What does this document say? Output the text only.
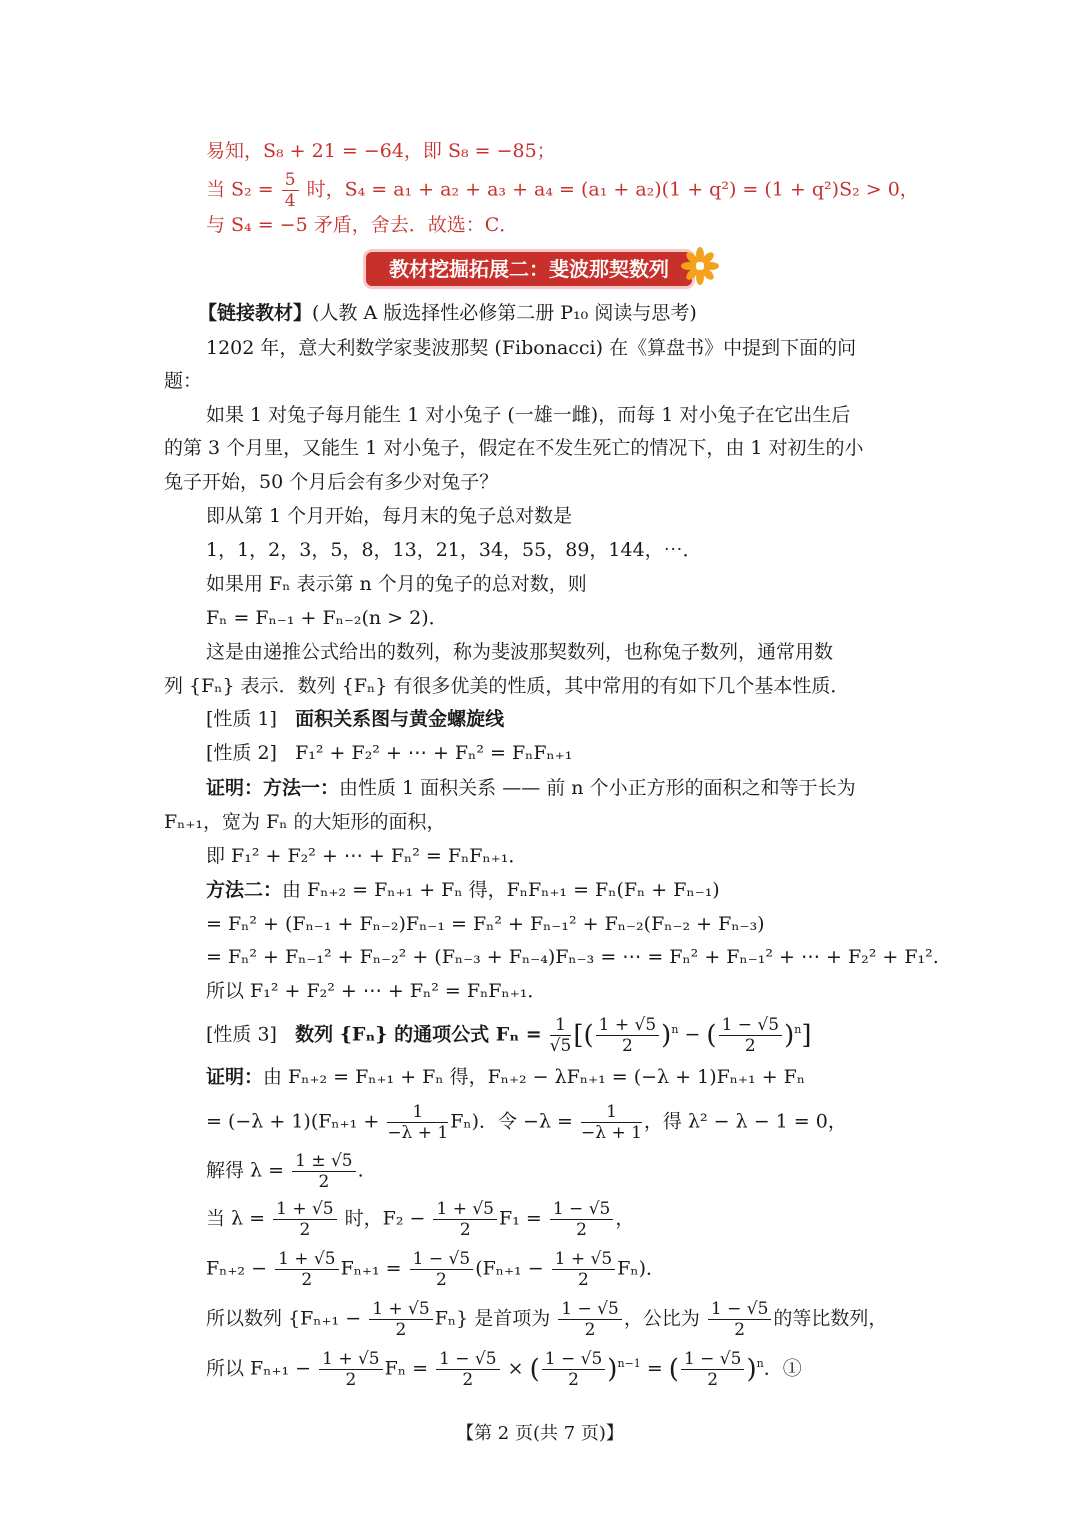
易知，S₈ + 21 = −64，即 S₈ = −85；
当 $S_2 = \frac{5}{4}$ 时，S₄ = a₁ + a₂ + a₃ + a₄ = (a₁ + a₂)(1 + q²) = (1 + q²)S₂ > 0，
与 S₄ = −5 矛盾，舍去．故选：C．
教材挖掘拓展二：斐波那契数列
【链接教材】(人教 A 版选择性必修第二册 P₁₀ 阅读与思考)
1202 年，意大利数学家斐波那契 (Fibonacci) 在《算盘书》中提到下面的问
题：
如果 1 对兔子每月能生 1 对小兔子 (一雄一雌)，而每 1 对小兔子在它出生后
的第 3 个月里，又能生 1 对小兔子，假定在不发生死亡的情况下，由 1 对初生的小
兔子开始，50 个月后会有多少对兔子？
即从第 1 个月开始，每月末的兔子总对数是
1，1，2，3，5，8，13，21，34，55，89，144，⋯．
如果用 Fₙ 表示第 n 个月的兔子的总对数，则
Fₙ = Fₙ₋₁ + Fₙ₋₂(n > 2)．
这是由递推公式给出的数列，称为斐波那契数列，也称兔子数列，通常用数
列 {Fₙ} 表示．数列 {Fₙ} 有很多优美的性质，其中常用的有如下几个基本性质．
[性质 1] 面积关系图与黄金螺旋线
[性质 2] F₁² + F₂² + ⋯ + Fₙ² = FₙFₙ₊₁
证明：方法一：由性质 1 面积关系 —— 前 n 个小正方形的面积之和等于长为
Fₙ₊₁，宽为 Fₙ 的大矩形的面积，
即 F₁² + F₂² + ⋯ + Fₙ² = FₙFₙ₊₁．
方法二：由 Fₙ₊₂ = Fₙ₊₁ + Fₙ 得，FₙFₙ₊₁ = Fₙ(Fₙ + Fₙ₋₁)
= Fₙ² + (Fₙ₋₁ + Fₙ₋₂)Fₙ₋₁ = Fₙ² + Fₙ₋₁² + Fₙ₋₂(Fₙ₋₂ + Fₙ₋₃)
= Fₙ² + Fₙ₋₁² + Fₙ₋₂² + (Fₙ₋₃ + Fₙ₋₄)Fₙ₋₃ = ⋯ = Fₙ² + Fₙ₋₁² + ⋯ + F₂² + F₁².
所以 F₁² + F₂² + ⋯ + Fₙ² = FₙFₙ₊₁．
[性质 3] 数列 {Fₙ} 的通项公式 $F_n = \frac{1}{√5}$ [( $\frac{1 + √5}{2} )^n$ − ( $\frac{1 - √5}{2} )^n$]
证明：由 Fₙ₊₂ = Fₙ₊₁ + Fₙ 得，Fₙ₊₂ − λFₙ₊₁ = (−λ + 1)Fₙ₊₁ + Fₙ
= $(-\lambda + 1)(F_{n+1} + \frac{1}{-\lambda + 1} F_n)$．令 $-\lambda = \frac{1}{-\lambda + 1}$ ，得 λ² − λ − 1 = 0，
解得 $\lambda = \frac{1 \pm √5}{2}$ .
当 $\lambda = \frac{1 + √5}{2}$ 时，$F_2 - \frac{1 + √5}{2} F_1 = \frac{1 - √5}{2}$ ，
$F_{n+2} - \frac{1 + √5}{2} F_{n+1} = \frac{1 - √5}{2} (F_{n+1} - \frac{1 + √5}{2} F_n)$．
所以数列 $\{F_{n+1} - \frac{1 + √5}{2} F_n\}$ 是首项为 $\frac{1 - √5}{2}$ ，公比为 $\frac{1 - √5}{2}$ 的等比数列，
所以 $F_{n+1} - \frac{1 + √5}{2}$ $F_n = \frac{1 - √5}{2}$ × ( $\frac{1 - √5}{2} )^{n-1}$ = ( $\frac{1 - √5}{2} )^n$．①
【第 2 页(共 7 页)】
